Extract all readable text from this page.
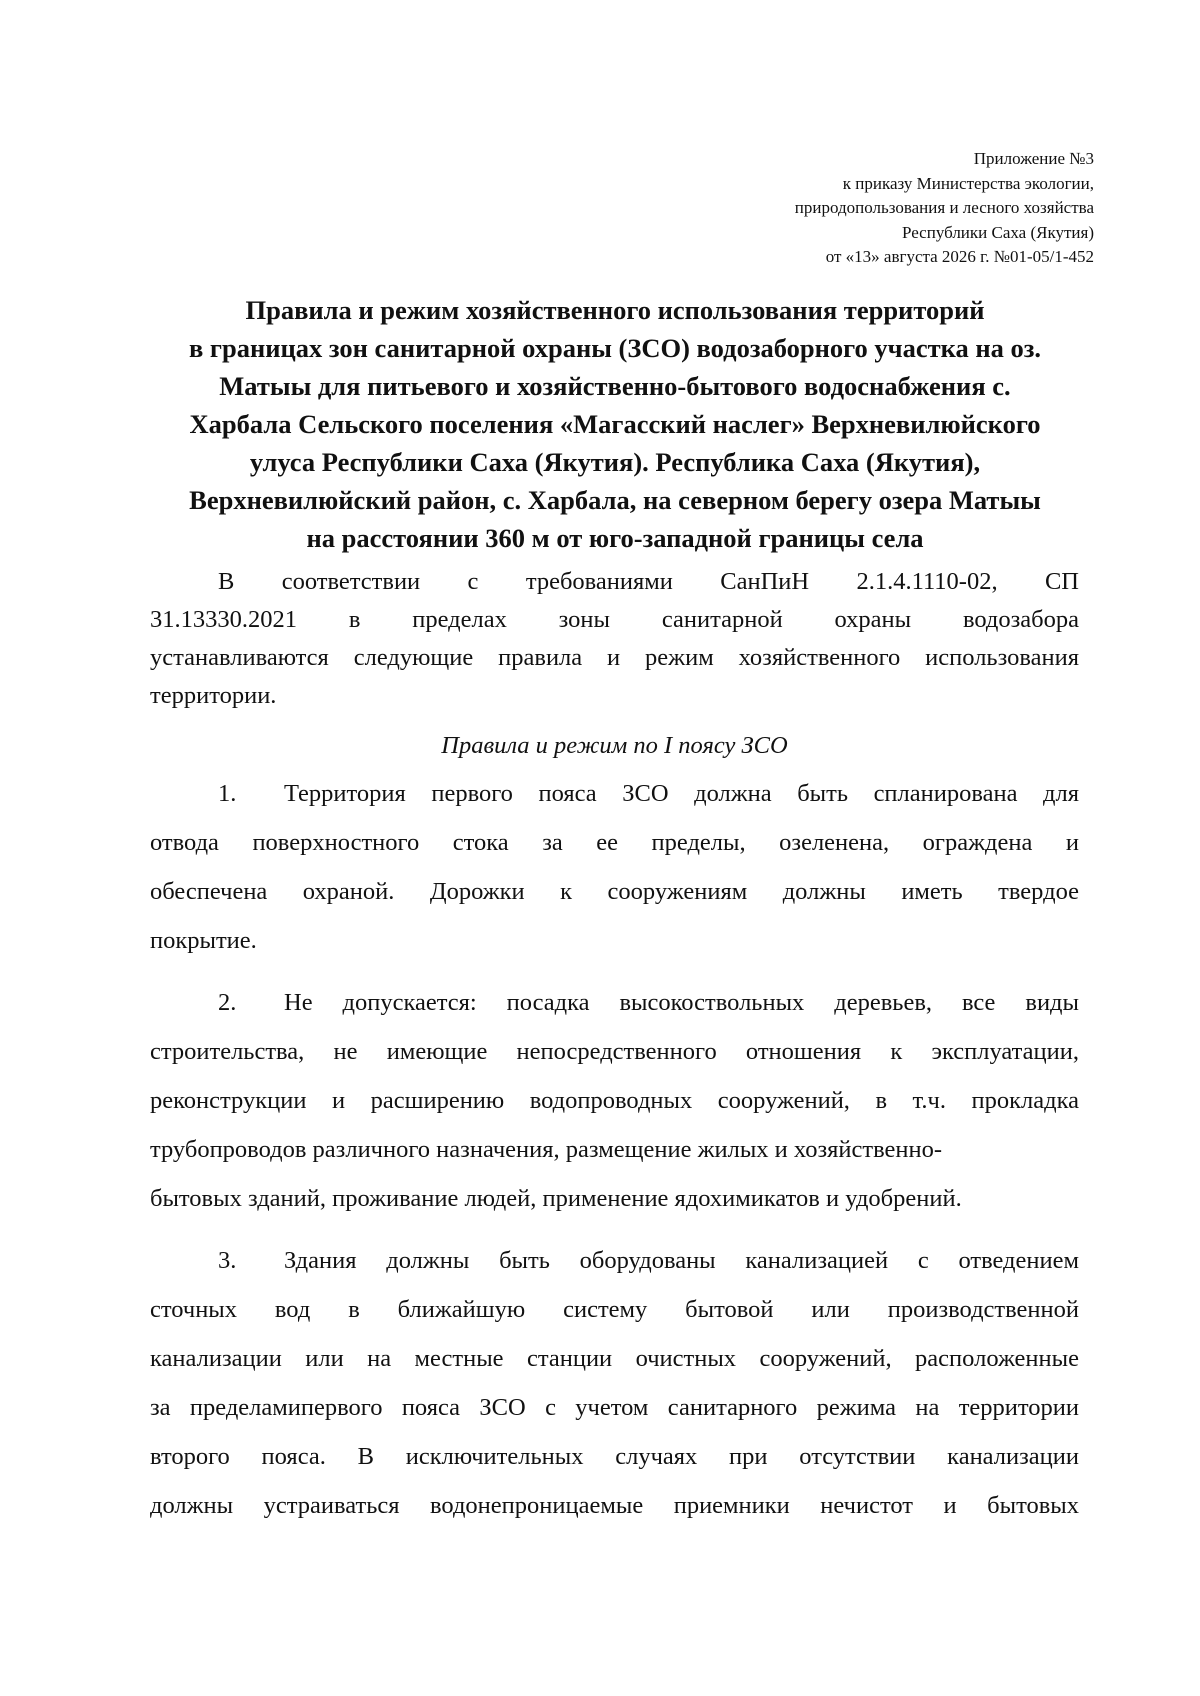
Приложение №3
к приказу Министерства экологии,
природопользования и лесного хозяйства
Республики Саха (Якутия)
от «13» августа 2026 г. №01-05/1-452
Правила и режим хозяйственного использования территорий
в границах зон санитарной охраны (ЗСО) водозаборного участка на оз.
Матыы для питьевого и хозяйственно-бытового водоснабжения с.
Харбала Сельского поселения «Магасский наслег» Верхневилюйского
улуса Республики Саха (Якутия). Республика Саха (Якутия),
Верхневилюйский район, с. Харбала, на северном берегу озера Матыы
на расстоянии 360 м от юго-западной границы села
В соответствии с требованиями СанПиН 2.1.4.1110-02, СП
31.13330.2021 в пределах зоны санитарной охраны водозабора
устанавливаются следующие правила и режим хозяйственного использования
территории.
Правила и режим по I поясу ЗСО
1.	Территория первого пояса ЗСО должна быть спланирована для
отвода поверхностного стока за ее пределы, озеленена, ограждена и
обеспечена охраной. Дорожки к сооружениям должны иметь твердое
покрытие.
2.	Не допускается: посадка высокоствольных деревьев, все виды
строительства, не имеющие непосредственного отношения к эксплуатации,
реконструкции и расширению водопроводных сооружений, в т.ч. прокладка
трубопроводов различного назначения, размещение жилых и хозяйственно-
бытовых зданий, проживание людей, применение ядохимикатов и удобрений.
3.	Здания должны быть оборудованы канализацией с отведением
сточных вод в ближайшую систему бытовой или производственной
канализации или на местные станции очистных сооружений, расположенные
за пределамипервого пояса ЗСО с учетом санитарного режима на территории
второго пояса. В исключительных случаях при отсутствии канализации
должны устраиваться водонепроницаемые приемники нечистот и бытовых
